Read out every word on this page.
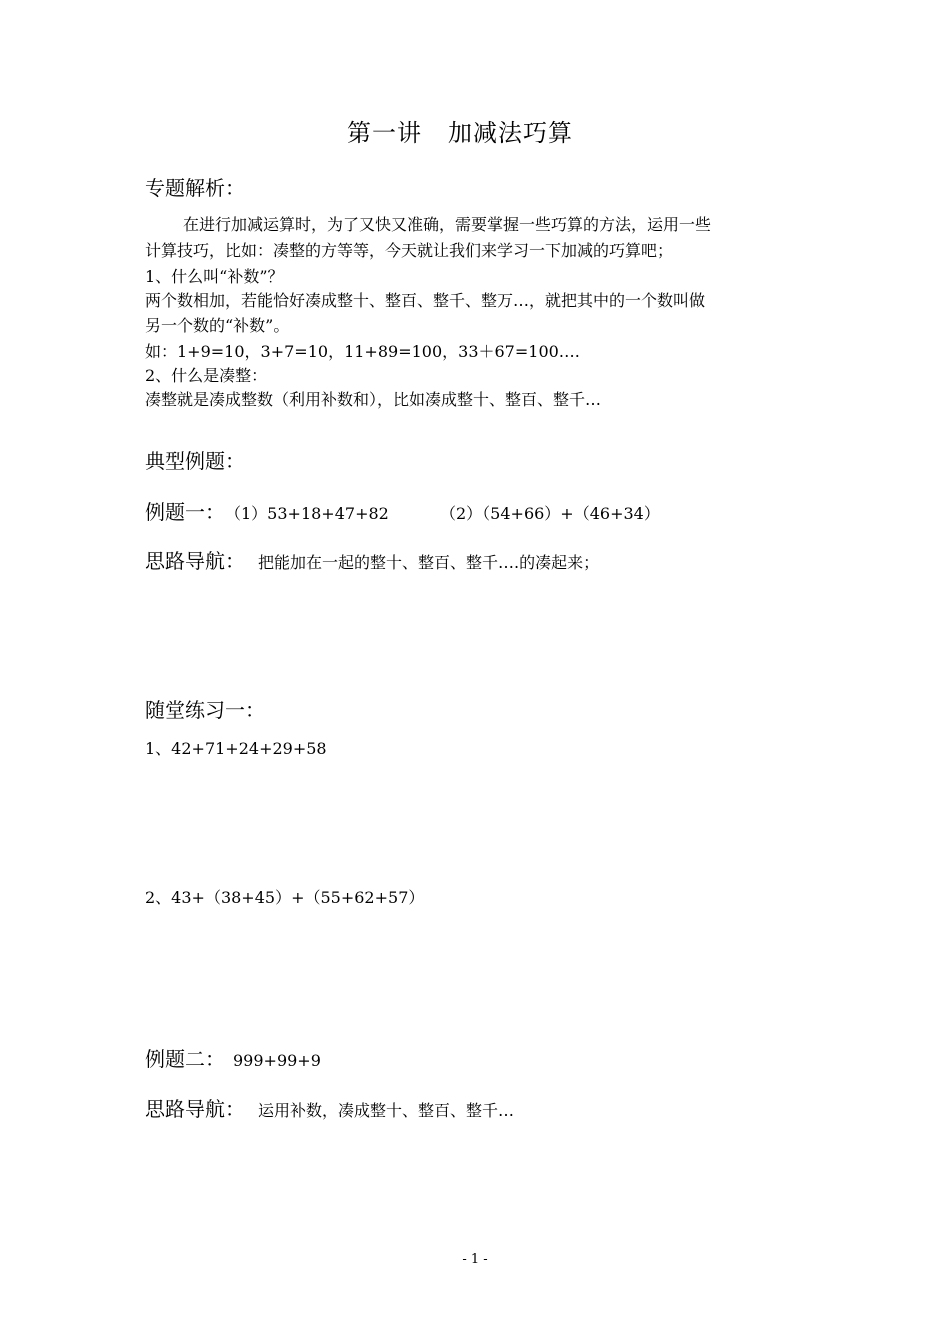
第一讲 加减法巧算
专题解析：
在进行加减运算时，为了又快又准确，需要掌握一些巧算的方法，运用一些
计算技巧，比如：凑整的方等等，今天就让我们来学习一下加减的巧算吧；
1、什么叫“补数”？
两个数相加，若能恰好凑成整十、整百、整千、整万…，就把其中的一个数叫做
另一个数的“补数”。
如：1+9=10，3+7=10，11+89=100，33＋67=100….
2、什么是凑整：
凑整就是凑成整数（利用补数和），比如凑成整十、整百、整千…
典型例题：
例题一： （1）53+18+47+82	（2）（54+66）+（46+34）
思路导航： 把能加在一起的整十、整百、整千….的凑起来；
随堂练习一：
1、42+71+24+29+58
2、43+（38+45）+（55+62+57）
例题二： 999+99+9
思路导航： 运用补数，凑成整十、整百、整千…
- 1 -
